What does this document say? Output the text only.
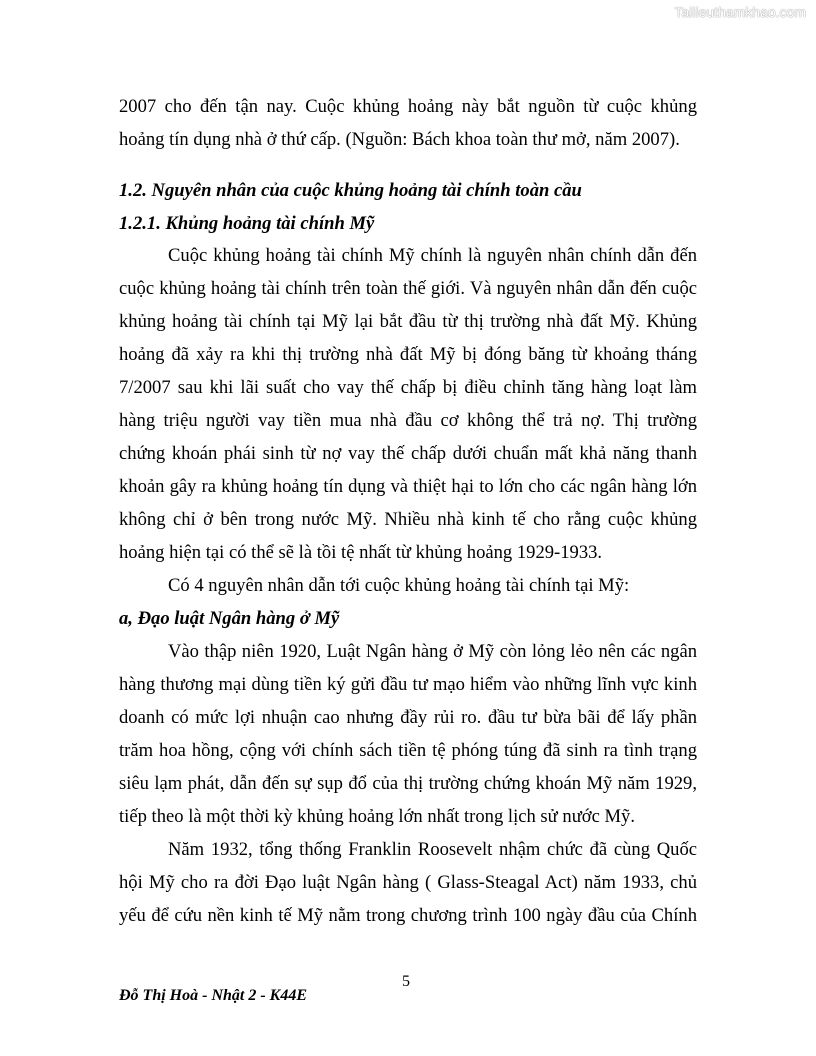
Tailieuthamkhao.com
2007 cho đến tận nay. Cuộc khủng hoảng này bắt nguồn từ cuộc khủng
hoảng tín dụng nhà ở thứ cấp. (Nguồn: Bách khoa toàn thư mở, năm 2007).
1.2. Nguyên nhân của cuộc khủng hoảng tài chính toàn cầu
1.2.1. Khủng hoảng tài chính Mỹ
Cuộc khủng hoảng tài chính Mỹ chính là nguyên nhân chính dẫn đến
cuộc khủng hoảng tài chính trên toàn thế giới. Và nguyên nhân dẫn đến cuộc
khủng hoảng tài chính tại Mỹ lại bắt đầu từ thị trường nhà đất Mỹ. Khủng
hoảng đã xảy ra khi thị trường nhà đất Mỹ bị đóng băng từ khoảng tháng
7/2007 sau khi lãi suất cho vay thế chấp bị điều chỉnh tăng hàng loạt làm
hàng triệu người vay tiền mua nhà đầu cơ không thể trả nợ. Thị trường
chứng khoán phái sinh từ nợ vay thế chấp dưới chuẩn mất khả năng thanh
khoản gây ra khủng hoảng tín dụng và thiệt hại to lớn cho các ngân hàng lớn
không chỉ ở bên trong nước Mỹ. Nhiều nhà kinh tế cho rằng cuộc khủng
hoảng hiện tại có thể sẽ là tồi tệ nhất từ khủng hoảng 1929-1933.
Có 4 nguyên nhân dẫn tới cuộc khủng hoảng tài chính tại Mỹ:
a, Đạo luật Ngân hàng ở Mỹ
Vào thập niên 1920, Luật Ngân hàng ở Mỹ còn lỏng lẻo nên các ngân
hàng thương mại dùng tiền ký gửi đầu tư mạo hiểm vào những lĩnh vực kinh
doanh có mức lợi nhuận cao nhưng đầy rủi ro. đầu tư bừa bãi để lấy phần
trăm hoa hồng, cộng với chính sách tiền tệ phóng túng đã sinh ra tình trạng
siêu lạm phát, dẫn đến sự sụp đổ của thị trường chứng khoán Mỹ năm 1929,
tiếp theo là một thời kỳ khủng hoảng lớn nhất trong lịch sử nước Mỹ.
Năm 1932, tổng thống Franklin Roosevelt nhậm chức đã cùng Quốc
hội Mỹ cho ra đời Đạo luật Ngân hàng ( Glass-Steagal Act) năm 1933, chủ
yếu để cứu nền kinh tế Mỹ nằm trong chương trình 100 ngày đầu của Chính
5
Đỗ Thị Hoà - Nhật 2 - K44E
